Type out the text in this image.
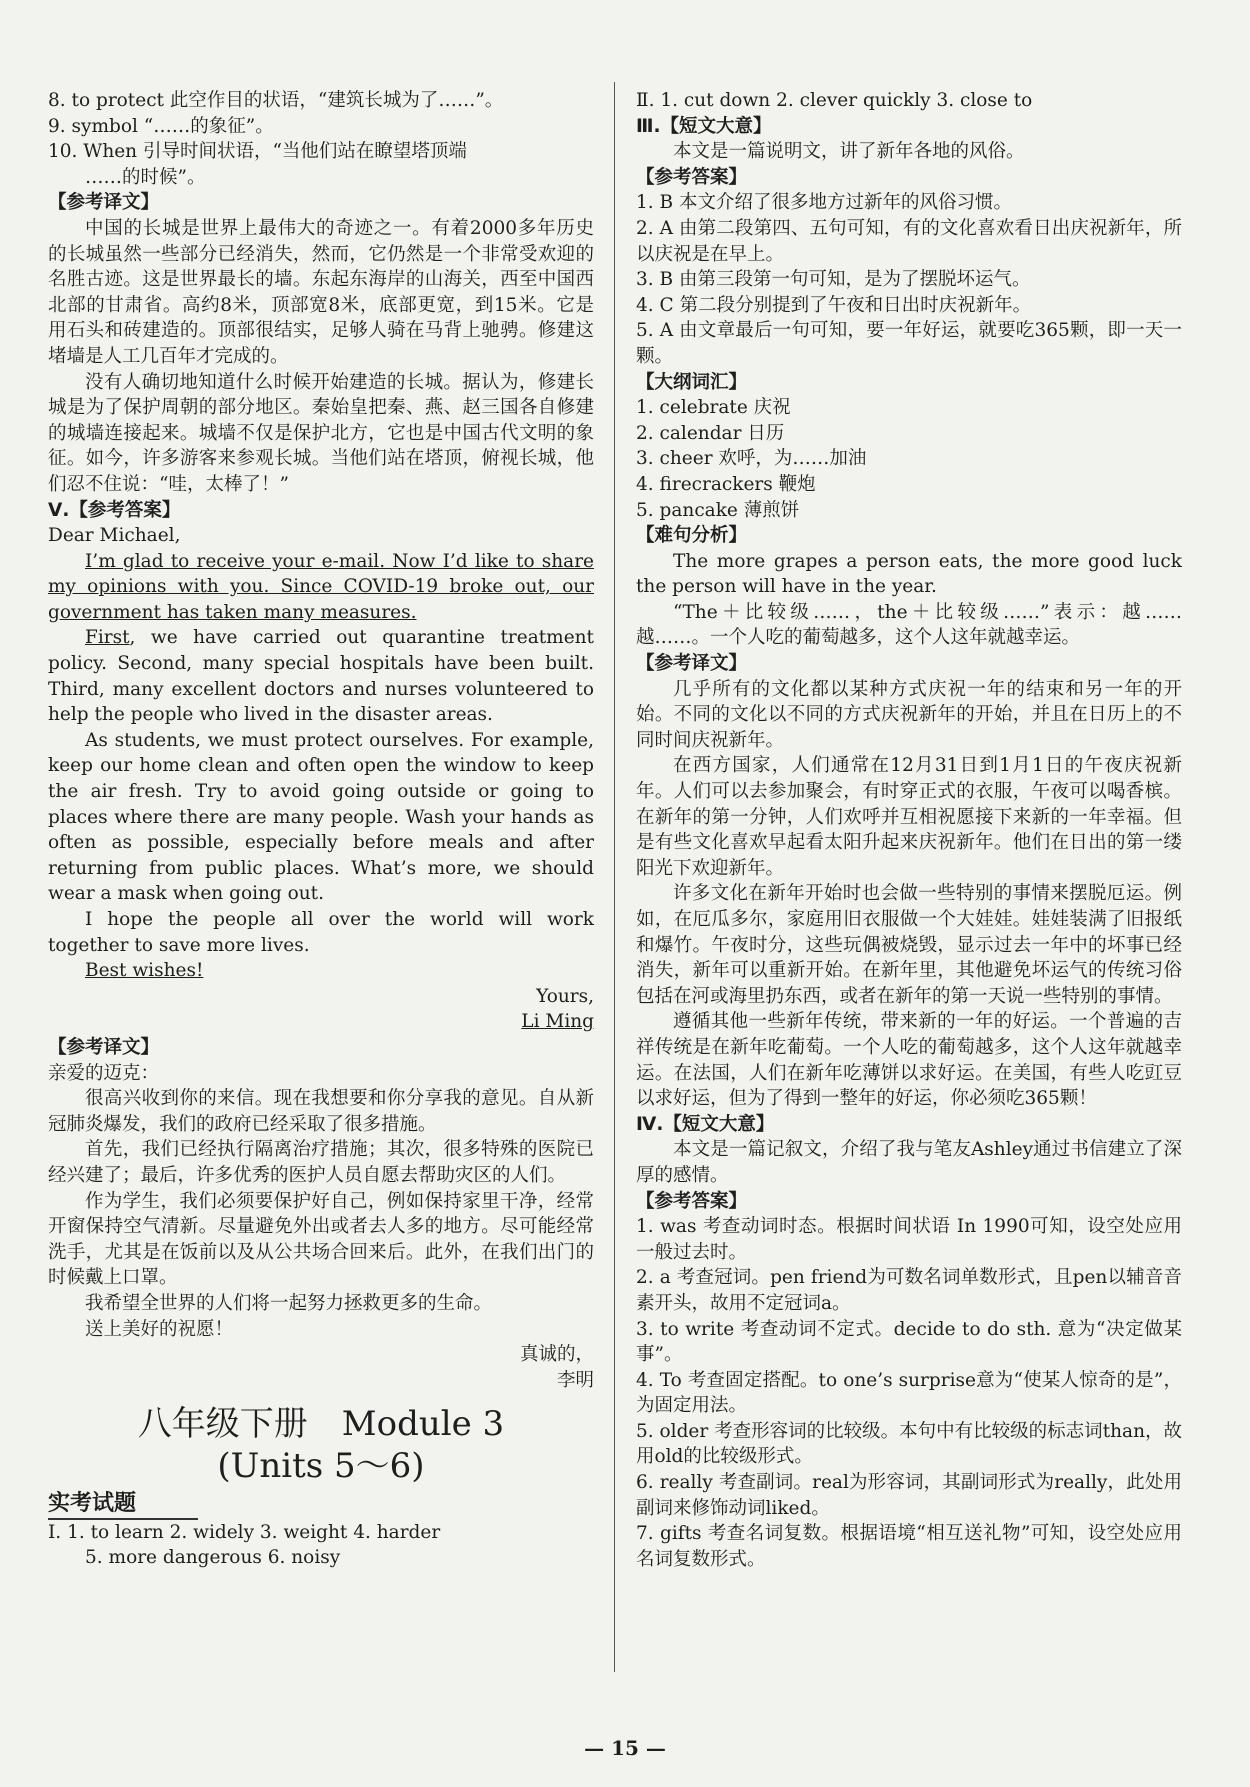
8. to protect 此空作目的状语，“建筑长城为了……”。
9. symbol “……的象征”。
10. When 引导时间状语，“当他们站在瞭望塔顶端
……的时候”。
【参考译文】
中国的长城是世界上最伟大的奇迹之一。有着2000多年历史的长城虽然一些部分已经消失，然而，它仍然是一个非常受欢迎的名胜古迹。这是世界最长的墙。东起东海岸的山海关，西至中国西北部的甘肃省。高约8米，顶部宽8米，底部更宽，到15米。它是用石头和砖建造的。顶部很结实，足够人骑在马背上驰骋。修建这堵墙是人工几百年才完成的。
没有人确切地知道什么时候开始建造的长城。据认为，修建长城是为了保护周朝的部分地区。秦始皇把秦、燕、赵三国各自修建的城墙连接起来。城墙不仅是保护北方，它也是中国古代文明的象征。如今，许多游客来参观长城。当他们站在塔顶，俯视长城，他们忍不住说：“哇，太棒了！”
Ⅴ.【参考答案】
Dear Michael,
I’m glad to receive your e-mail. Now I’d like to share my opinions with you. Since COVID-19 broke out, our government has taken many measures.
First, we have carried out quarantine treatment policy. Second, many special hospitals have been built. Third, many excellent doctors and nurses volunteered to help the people who lived in the disaster areas.
As students, we must protect ourselves. For example, keep our home clean and often open the window to keep the air fresh. Try to avoid going outside or going to places where there are many people. Wash your hands as often as possible, especially before meals and after returning from public places. What’s more, we should wear a mask when going out.
I hope the people all over the world will work together to save more lives.
Best wishes!
Yours,
Li Ming
【参考译文】
亲爱的迈克：
很高兴收到你的来信。现在我想要和你分享我的意见。自从新冠肺炎爆发，我们的政府已经采取了很多措施。
首先，我们已经执行隔离治疗措施；其次，很多特殊的医院已经兴建了；最后，许多优秀的医护人员自愿去帮助灾区的人们。
作为学生，我们必须要保护好自己，例如保持家里干净，经常开窗保持空气清新。尽量避免外出或者去人多的地方。尽可能经常洗手，尤其是在饭前以及从公共场合回来后。此外，在我们出门的时候戴上口罩。
我希望全世界的人们将一起努力拯救更多的生命。
送上美好的祝愿！
真诚的，
李明
八年级下册　Module 3
(Units 5～6)
实考试题
Ⅰ. 1. to learn 2. widely 3. weight 4. harder
5. more dangerous 6. noisy
Ⅱ. 1. cut down 2. clever quickly 3. close to
Ⅲ.【短文大意】
本文是一篇说明文，讲了新年各地的风俗。
【参考答案】
1. B 本文介绍了很多地方过新年的风俗习惯。
2. A 由第二段第四、五句可知，有的文化喜欢看日出庆祝新年，所以庆祝是在早上。
3. B 由第三段第一句可知，是为了摆脱坏运气。
4. C 第二段分别提到了午夜和日出时庆祝新年。
5. A 由文章最后一句可知，要一年好运，就要吃365颗，即一天一颗。
【大纲词汇】
1. celebrate 庆祝
2. calendar 日历
3. cheer 欢呼，为……加油
4. firecrackers 鞭炮
5. pancake 薄煎饼
【难句分析】
The more grapes a person eats, the more good luck the person will have in the year.
“The＋比较级……，the＋比较级……”表示：越……越……。一个人吃的葡萄越多，这个人这年就越幸运。
【参考译文】
几乎所有的文化都以某种方式庆祝一年的结束和另一年的开始。不同的文化以不同的方式庆祝新年的开始，并且在日历上的不同时间庆祝新年。
在西方国家，人们通常在12月31日到1月1日的午夜庆祝新年。人们可以去参加聚会，有时穿正式的衣服，午夜可以喝香槟。在新年的第一分钟，人们欢呼并互相祝愿接下来新的一年幸福。但是有些文化喜欢早起看太阳升起来庆祝新年。他们在日出的第一缕阳光下欢迎新年。
许多文化在新年开始时也会做一些特别的事情来摆脱厄运。例如，在厄瓜多尔，家庭用旧衣服做一个大娃娃。娃娃装满了旧报纸和爆竹。午夜时分，这些玩偶被烧毁，显示过去一年中的坏事已经消失，新年可以重新开始。在新年里，其他避免坏运气的传统习俗包括在河或海里扔东西，或者在新年的第一天说一些特别的事情。
遵循其他一些新年传统，带来新的一年的好运。一个普遍的吉祥传统是在新年吃葡萄。一个人吃的葡萄越多，这个人这年就越幸运。在法国，人们在新年吃薄饼以求好运。在美国，有些人吃豇豆以求好运，但为了得到一整年的好运，你必须吃365颗！
Ⅳ.【短文大意】
本文是一篇记叙文，介绍了我与笔友Ashley通过书信建立了深厚的感情。
【参考答案】
1. was 考查动词时态。根据时间状语 In 1990可知，设空处应用一般过去时。
2. a 考查冠词。pen friend为可数名词单数形式，且pen以辅音音素开头，故用不定冠词a。
3. to write 考查动词不定式。decide to do sth. 意为“决定做某事”。
4. To 考查固定搭配。to one’s surprise意为“使某人惊奇的是”，为固定用法。
5. older 考查形容词的比较级。本句中有比较级的标志词than，故用old的比较级形式。
6. really 考查副词。real为形容词，其副词形式为really，此处用副词来修饰动词liked。
7. gifts 考查名词复数。根据语境“相互送礼物”可知，设空处应用名词复数形式。
— 15 —
